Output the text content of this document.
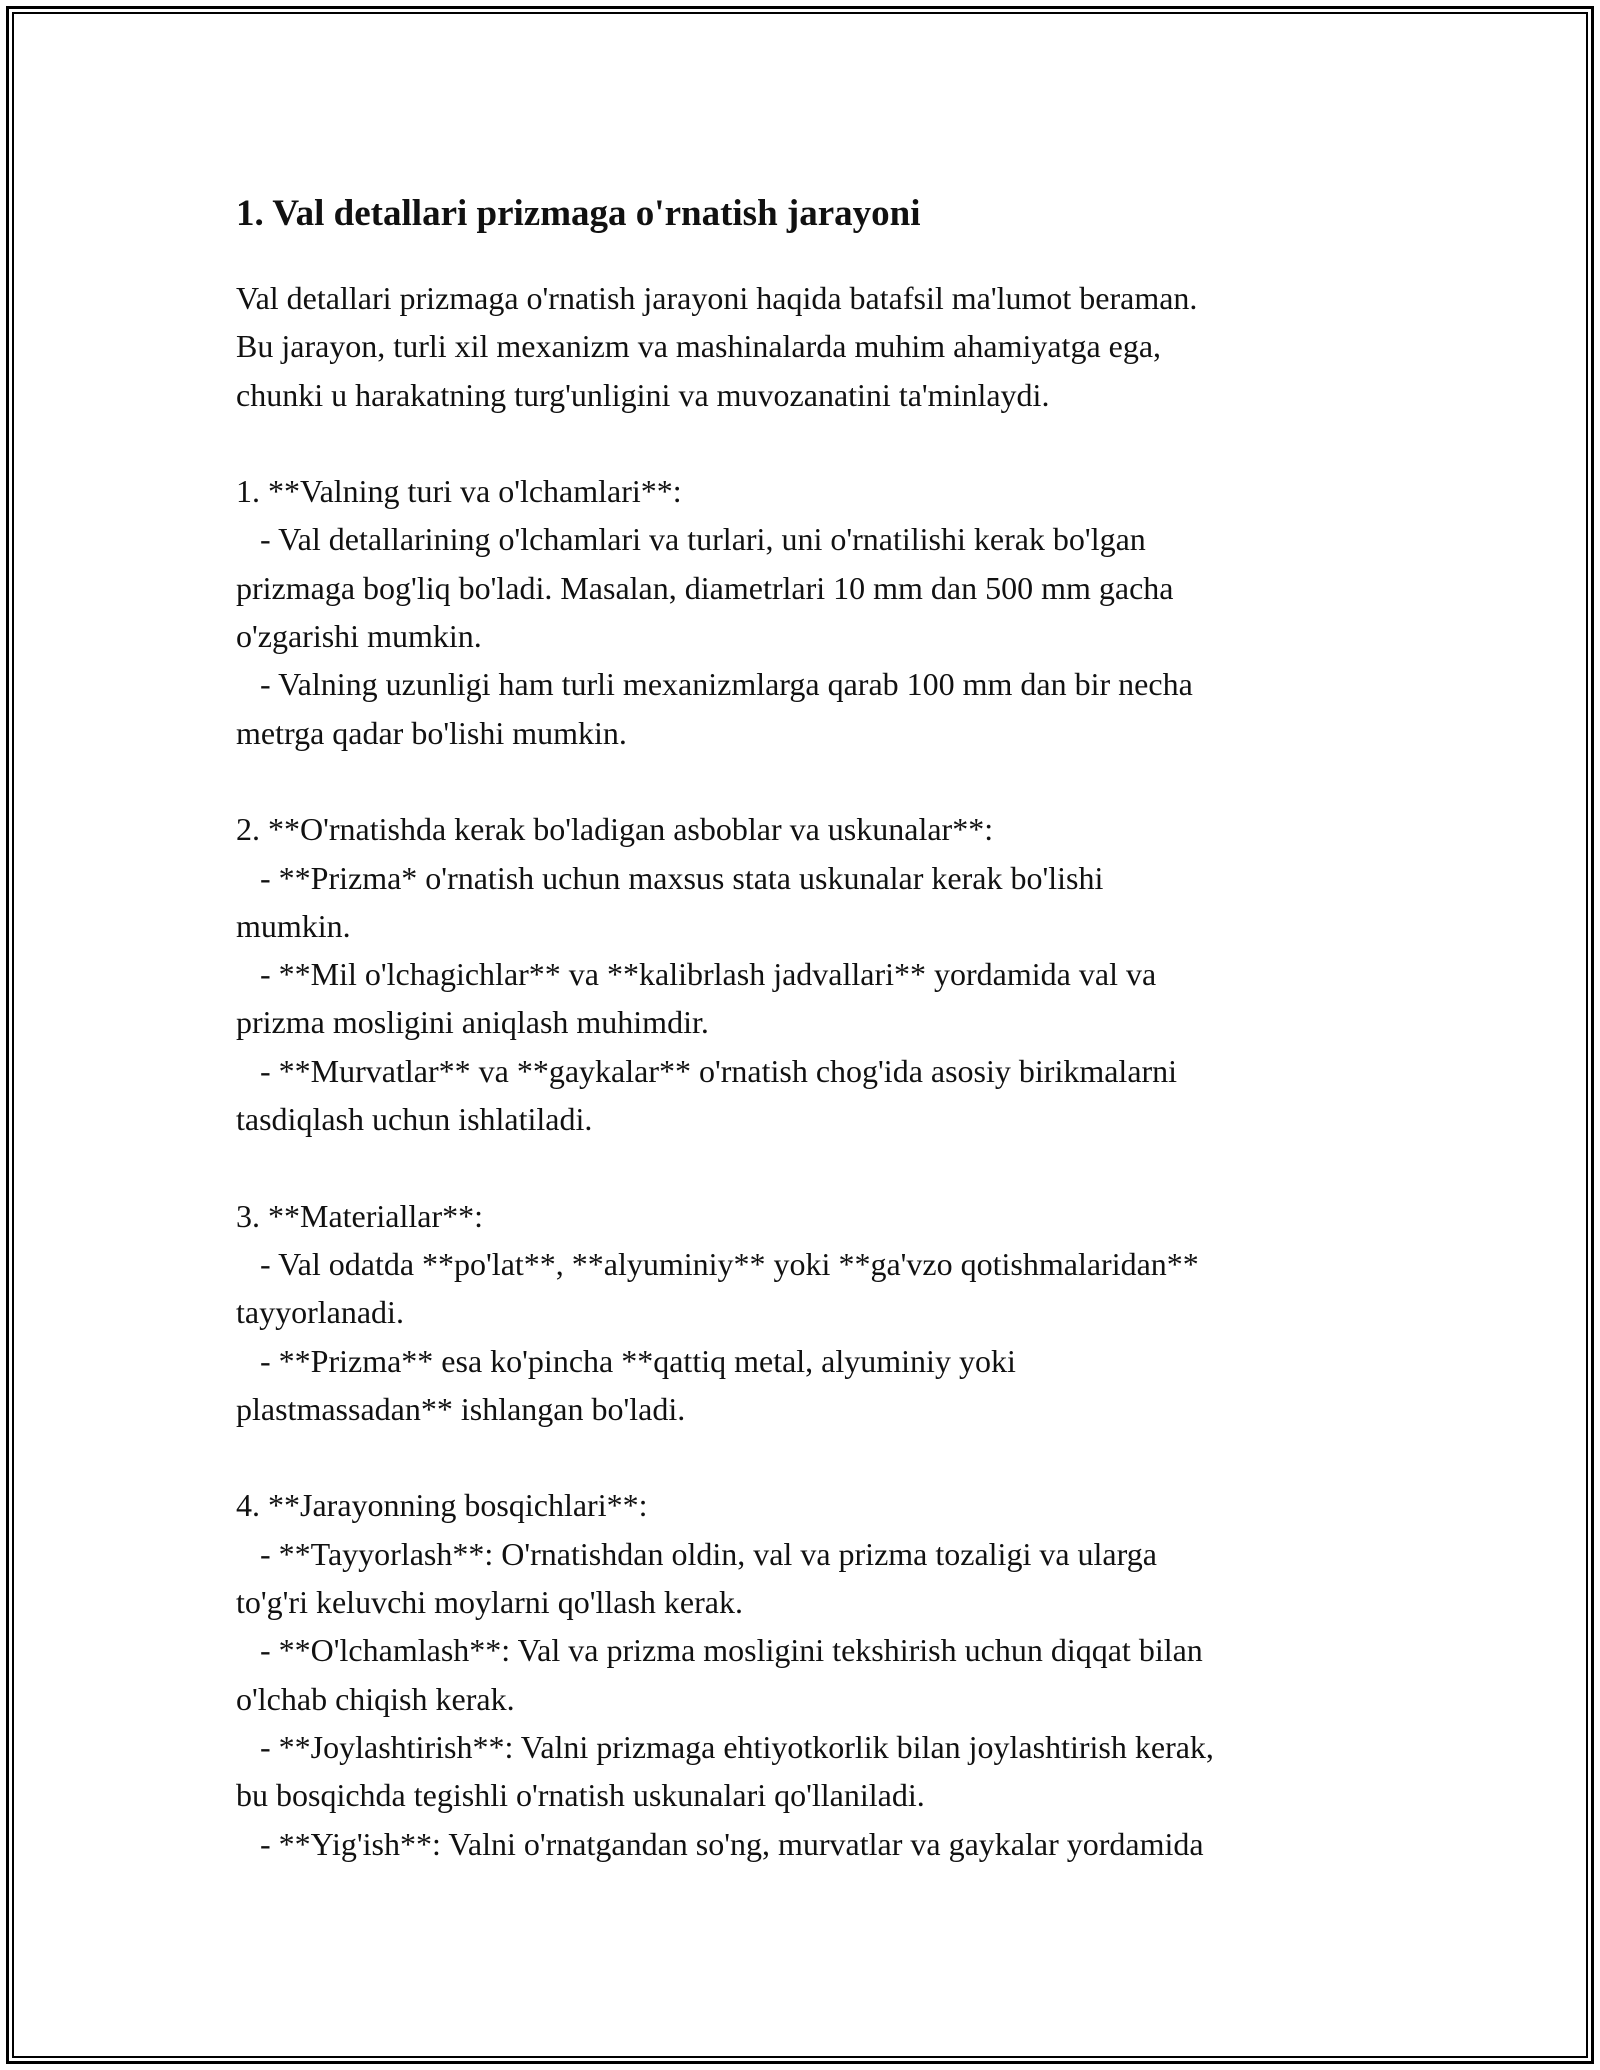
1. Val detallari prizmaga o'rnatish jarayoni

Val detallari prizmaga o'rnatish jarayoni haqida batafsil ma'lumot beraman.
Bu jarayon, turli xil mexanizm va mashinalarda muhim ahamiyatga ega,
chunki u harakatning turg'unligini va muvozanatini ta'minlaydi.

1. **Valning turi va o'lchamlari**:
- Val detallarining o'lchamlari va turlari, uni o'rnatilishi kerak bo'lgan
prizmaga bog'liq bo'ladi. Masalan, diametrlari 10 mm dan 500 mm gacha
o'zgarishi mumkin.
- Valning uzunligi ham turli mexanizmlarga qarab 100 mm dan bir necha
metrga qadar bo'lishi mumkin.

2. **O'rnatishda kerak bo'ladigan asboblar va uskunalar**:
- **Prizma* o'rnatish uchun maxsus stata uskunalar kerak bo'lishi
mumkin.
- **Mil o'lchagichlar** va **kalibrlash jadvallari** yordamida val va
prizma mosligini aniqlash muhimdir.
- **Murvatlar** va **gaykalar** o'rnatish chog'ida asosiy birikmalarni
tasdiqlash uchun ishlatiladi.

3. **Materiallar**:
- Val odatda **po'lat**, **alyuminiy** yoki **ga'vzo qotishmalaridan**
tayyorlanadi.
- **Prizma** esa ko'pincha **qattiq metal, alyuminiy yoki
plastmassadan** ishlangan bo'ladi.

4. **Jarayonning bosqichlari**:
- **Tayyorlash**: O'rnatishdan oldin, val va prizma tozaligi va ularga
to'g'ri keluvchi moylarni qo'llash kerak.
- **O'lchamlash**: Val va prizma mosligini tekshirish uchun diqqat bilan
o'lchab chiqish kerak.
- **Joylashtirish**: Valni prizmaga ehtiyotkorlik bilan joylashtirish kerak,
bu bosqichda tegishli o'rnatish uskunalari qo'llaniladi.
- **Yig'ish**: Valni o'rnatgandan so'ng, murvatlar va gaykalar yordamida
